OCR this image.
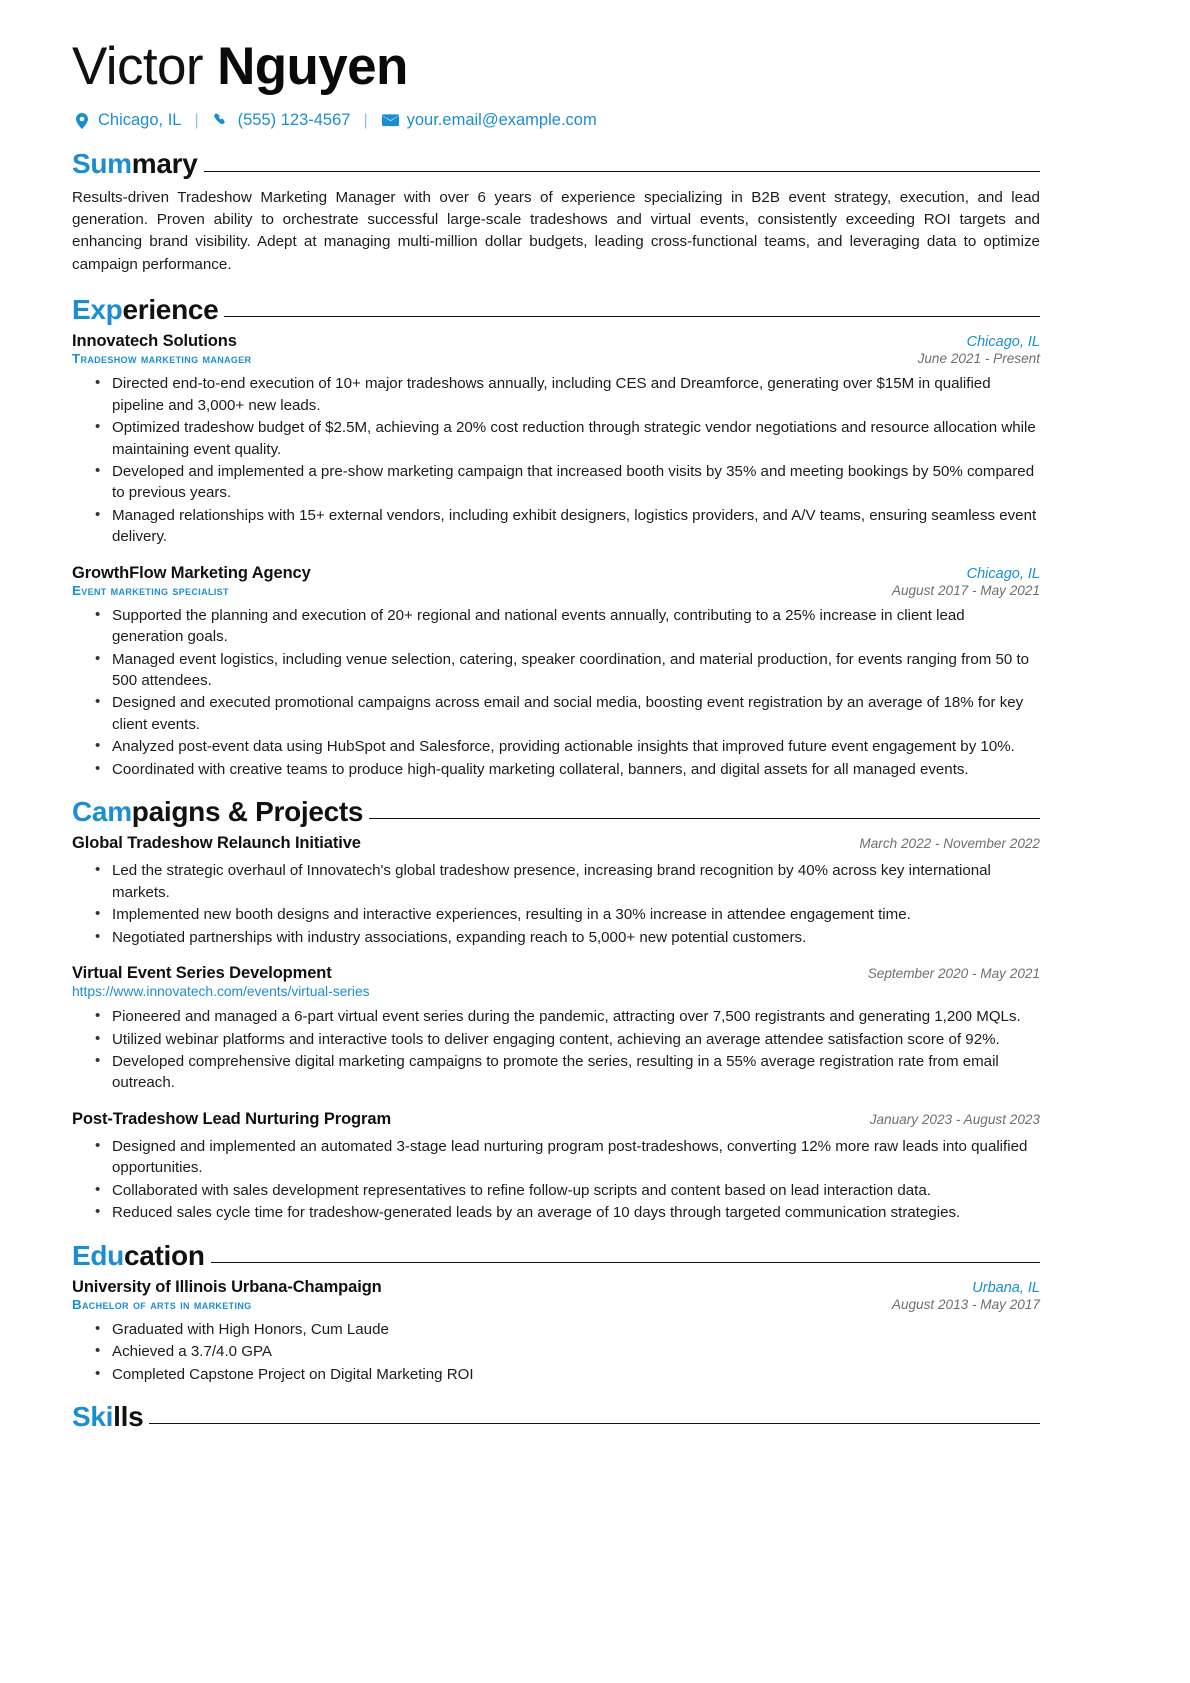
Victor Nguyen
Chicago, IL | (555) 123-4567 | your.email@example.com
Summary

Results-driven Tradeshow Marketing Manager with over 6 years of experience specializing in B2B event strategy, execution, and lead generation. Proven ability to orchestrate successful large-scale tradeshows and virtual events, consistently exceeding ROI targets and enhancing brand visibility. Adept at managing multi-million dollar budgets, leading cross-functional teams, and leveraging data to optimize campaign performance.

Experience
Innovatech Solutions	Chicago, IL
Tradeshow marketing manager	June 2021 - Present
• Directed end-to-end execution of 10+ major tradeshows annually, including CES and Dreamforce, generating over $15M in qualified pipeline and 3,000+ new leads.
• Optimized tradeshow budget of $2.5M, achieving a 20% cost reduction through strategic vendor negotiations and resource allocation while maintaining event quality.
• Developed and implemented a pre-show marketing campaign that increased booth visits by 35% and meeting bookings by 50% compared to previous years.
• Managed relationships with 15+ external vendors, including exhibit designers, logistics providers, and A/V teams, ensuring seamless event delivery.
GrowthFlow Marketing Agency	Chicago, IL
Event marketing specialist	August 2017 - May 2021
• Supported the planning and execution of 20+ regional and national events annually, contributing to a 25% increase in client lead generation goals.
• Managed event logistics, including venue selection, catering, speaker coordination, and material production, for events ranging from 50 to 500 attendees.
• Designed and executed promotional campaigns across email and social media, boosting event registration by an average of 18% for key client events.
• Analyzed post-event data using HubSpot and Salesforce, providing actionable insights that improved future event engagement by 10%.
• Coordinated with creative teams to produce high-quality marketing collateral, banners, and digital assets for all managed events.
Campaigns & Projects
Global Tradeshow Relaunch Initiative	March 2022 - November 2022
• Led the strategic overhaul of Innovatech's global tradeshow presence, increasing brand recognition by 40% across key international markets.
• Implemented new booth designs and interactive experiences, resulting in a 30% increase in attendee engagement time.
• Negotiated partnerships with industry associations, expanding reach to 5,000+ new potential customers.
Virtual Event Series Development	September 2020 - May 2021
https://www.innovatech.com/events/virtual-series
• Pioneered and managed a 6-part virtual event series during the pandemic, attracting over 7,500 registrants and generating 1,200 MQLs.
• Utilized webinar platforms and interactive tools to deliver engaging content, achieving an average attendee satisfaction score of 92%.
• Developed comprehensive digital marketing campaigns to promote the series, resulting in a 55% average registration rate from email outreach.
Post-Tradeshow Lead Nurturing Program	January 2023 - August 2023
• Designed and implemented an automated 3-stage lead nurturing program post-tradeshows, converting 12% more raw leads into qualified opportunities.
• Collaborated with sales development representatives to refine follow-up scripts and content based on lead interaction data.
• Reduced sales cycle time for tradeshow-generated leads by an average of 10 days through targeted communication strategies.
Education
University of Illinois Urbana-Champaign	Urbana, IL
Bachelor of arts in marketing	August 2013 - May 2017
• Graduated with High Honors, Cum Laude
• Achieved a 3.7/4.0 GPA
• Completed Capstone Project on Digital Marketing ROI
Skills
